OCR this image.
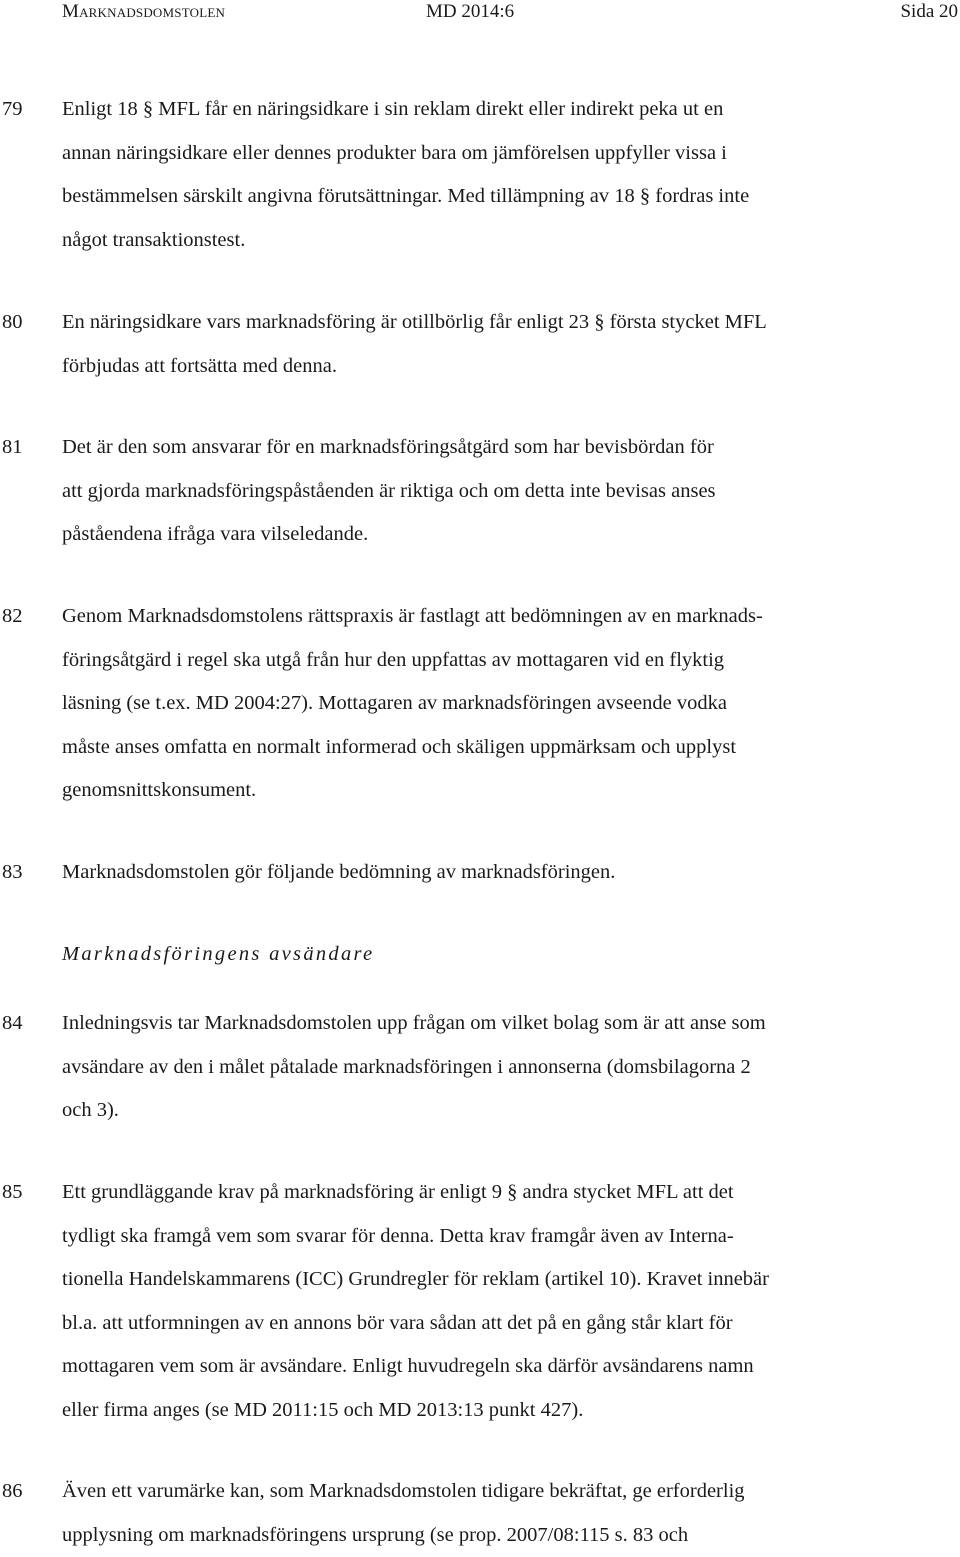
Marknadsdomstolen	MD 2014:6	Sida 20
79 Enligt 18 § MFL får en näringsidkare i sin reklam direkt eller indirekt peka ut en
annan näringsidkare eller dennes produkter bara om jämförelsen uppfyller vissa i
bestämmelsen särskilt angivna förutsättningar. Med tillämpning av 18 § fordras inte
något transaktionstest.
80 En näringsidkare vars marknadsföring är otillbörlig får enligt 23 § första stycket MFL
förbjudas att fortsätta med denna.
81 Det är den som ansvarar för en marknadsföringsåtgärd som har bevisbördan för
att gjorda marknadsföringspåståenden är riktiga och om detta inte bevisas anses
påståendena ifråga vara vilseledande.
82 Genom Marknadsdomstolens rättspraxis är fastlagt att bedömningen av en marknads-
föringsåtgärd i regel ska utgå från hur den uppfattas av mottagaren vid en flyktig
läsning (se t.ex. MD 2004:27). Mottagaren av marknadsföringen avseende vodka
måste anses omfatta en normalt informerad och skäligen uppmärksam och upplyst
genomsnittskonsument.
83 Marknadsdomstolen gör följande bedömning av marknadsföringen.
Marknadsföringens avsändare
84 Inledningsvis tar Marknadsdomstolen upp frågan om vilket bolag som är att anse som
avsändare av den i målet påtalade marknadsföringen i annonserna (domsbilagorna 2
och 3).
85 Ett grundläggande krav på marknadsföring är enligt 9 § andra stycket MFL att det
tydligt ska framgå vem som svarar för denna. Detta krav framgår även av Interna-
tionella Handelskammarens (ICC) Grundregler för reklam (artikel 10). Kravet innebär
bl.a. att utformningen av en annons bör vara sådan att det på en gång står klart för
mottagaren vem som är avsändare. Enligt huvudregeln ska därför avsändarens namn
eller firma anges (se MD 2011:15 och MD 2013:13 punkt 427).
86 Även ett varumärke kan, som Marknadsdomstolen tidigare bekräftat, ge erforderlig
upplysning om marknadsföringens ursprung (se prop. 2007/08:115 s. 83 och
